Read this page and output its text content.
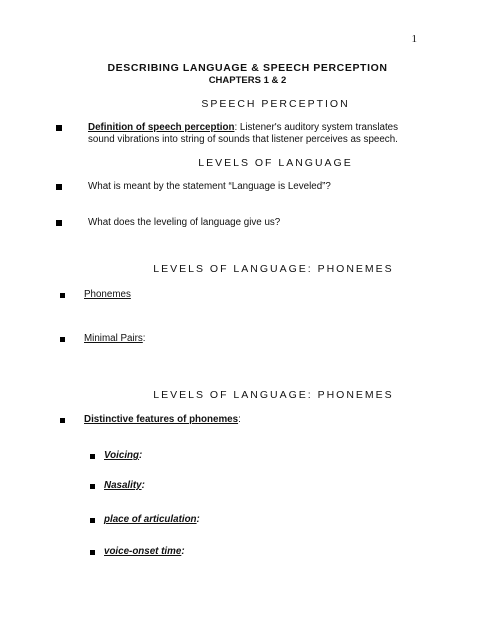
1
DESCRIBING LANGUAGE & SPEECH PERCEPTION
CHAPTERS 1 & 2
SPEECH PERCEPTION
Definition of speech perception: Listener's auditory system translates
sound vibrations into string of sounds that listener perceives as speech.
LEVELS OF LANGUAGE
What is meant by the statement “Language is Leveled”?
What does the leveling of language give us?
LEVELS OF LANGUAGE: PHONEMES
Phonemes
Minimal Pairs:
LEVELS OF LANGUAGE: PHONEMES
Distinctive features of phonemes:
Voicing:
Nasality:
place of articulation:
voice-onset time:
